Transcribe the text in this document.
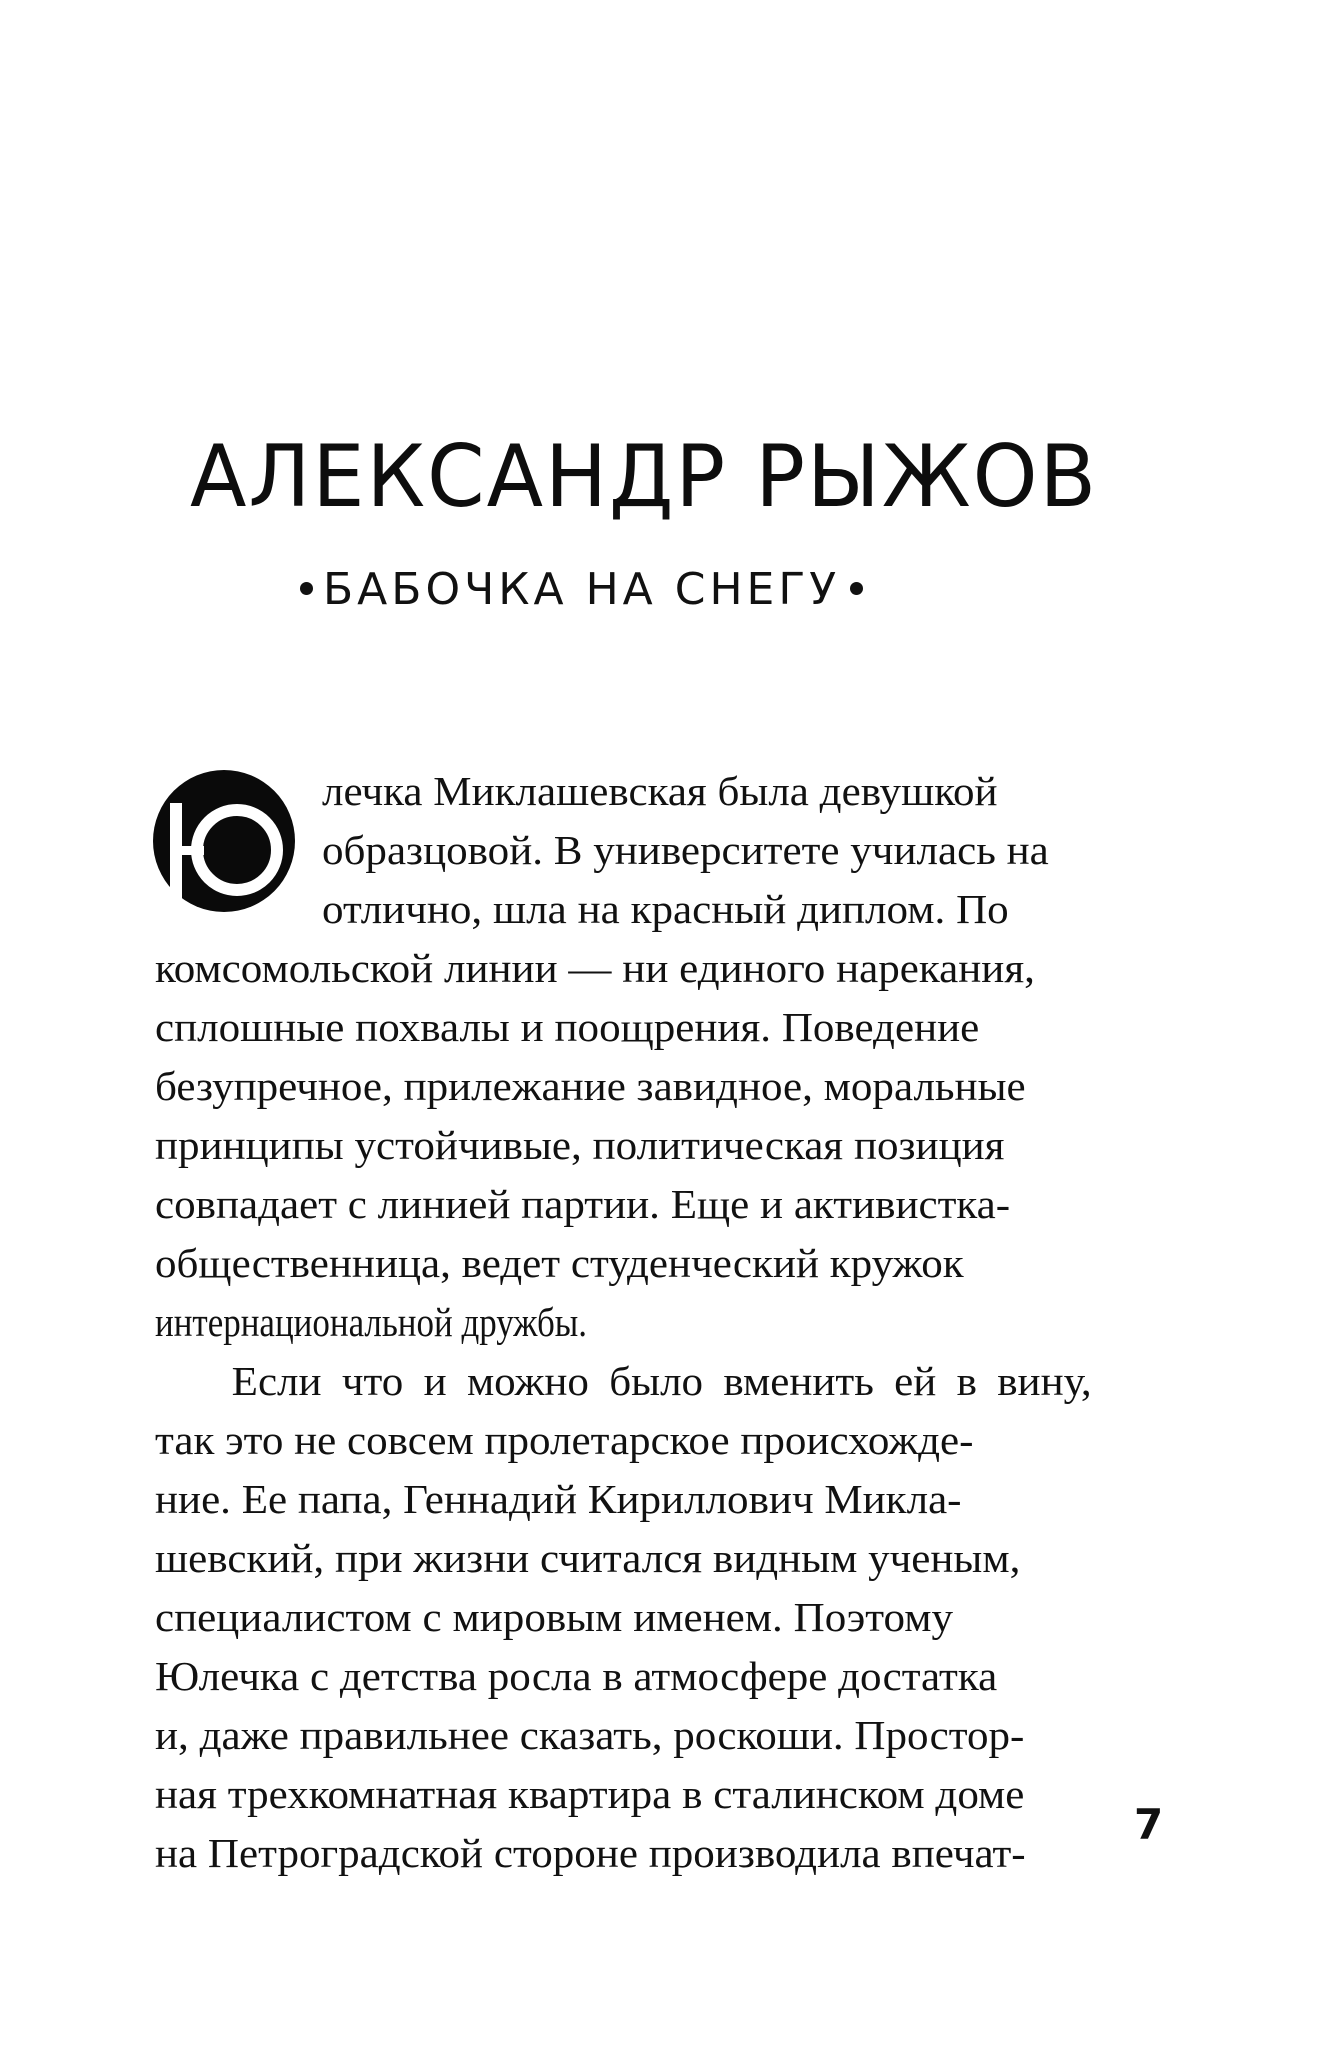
АЛЕКСАНДР РЫЖОВ
БАБОЧКА НА СНЕГУ
лечка Миклашевская была девушкой
образцовой. В университете училась на
отлично, шла на красный диплом. По
комсомольской линии — ни единого нарекания,
сплошные похвалы и поощрения. Поведение
безупречное, прилежание завидное, моральные
принципы устойчивые, политическая позиция
совпадает с линией партии. Еще и активистка-
общественница, ведет студенческий кружок
интернациональной дружбы.
Если что и можно было вменить ей в вину,
так это не совсем пролетарское происхожде-
ние. Ее папа, Геннадий Кириллович Микла-
шевский, при жизни считался видным ученым,
специалистом с мировым именем. Поэтому
Юлечка с детства росла в атмосфере достатка
и, даже правильнее сказать, роскоши. Простор-
ная трехкомнатная квартира в сталинском доме
на Петроградской стороне производила впечат-
7
